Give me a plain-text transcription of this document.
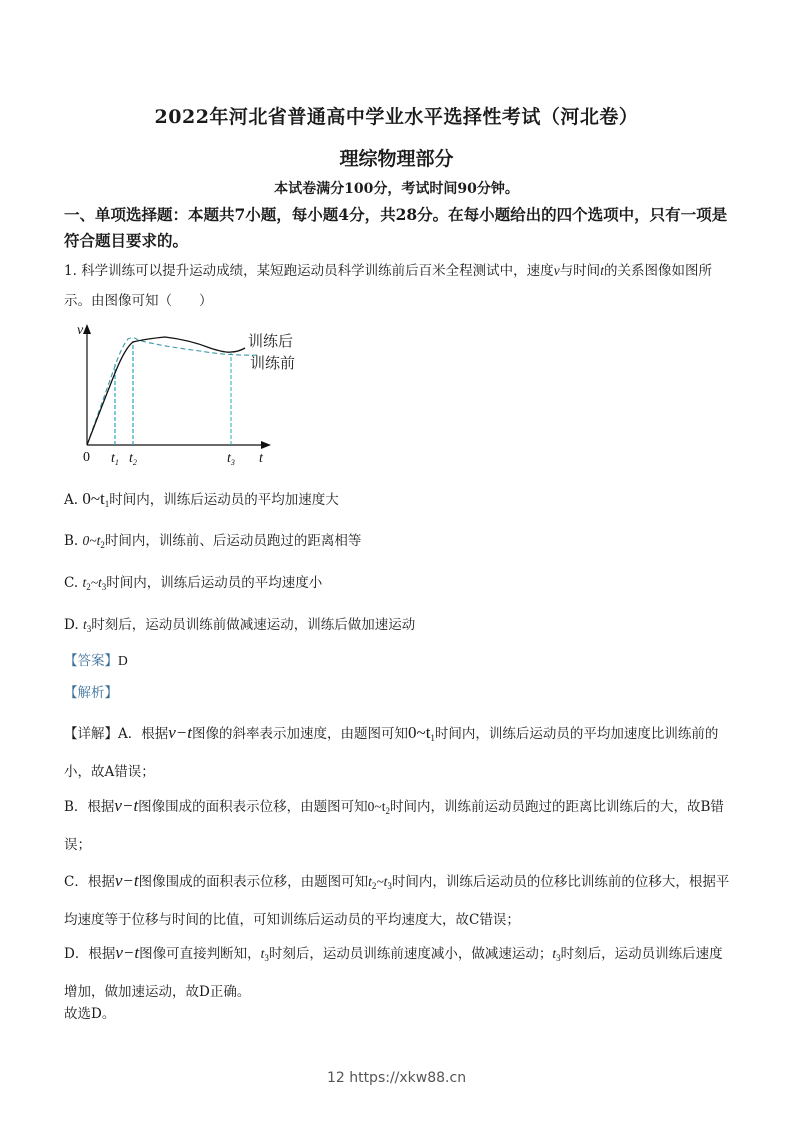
2022年河北省普通高中学业水平选择性考试（河北卷）
理综物理部分
本试卷满分100分，考试时间90分钟。
一、单项选择题：本题共7小题，每小题4分，共28分。在每小题给出的四个选项中，只有一项是符合题目要求的。
1. 科学训练可以提升运动成绩，某短跑运动员科学训练前后百米全程测试中，速度v与时间t的关系图像如图所示。由图像可知（　　）
v
0 $t_1$ $t_2$	$t_3$ t
训练后
训练前
A. $0\sim t_1$时间内，训练后运动员的平均加速度大
B. $0\sim t_2$时间内，训练前、后运动员跑过的距离相等
C. $t_2\sim t_3$时间内，训练后运动员的平均速度小
D. $t_3$时刻后，运动员训练前做减速运动，训练后做加速运动
【答案】D
【解析】
【详解】A．根据v−t图像的斜率表示加速度，由题图可知$0\sim t_1$时间内，训练后运动员的平均加速度比训练前的小，故A错误；
B．根据v−t图像围成的面积表示位移，由题图可知$0\sim t_2$时间内，训练前运动员跑过的距离比训练后的大，故B错误；
C．根据v−t图像围成的面积表示位移，由题图可知$t_2\sim t_3$时间内，训练后运动员的位移比训练前的位移大，根据平均速度等于位移与时间的比值，可知训练后运动员的平均速度大，故C错误；
D．根据v−t图像可直接判断知，$t_3$时刻后，运动员训练前速度减小，做减速运动；$t_3$时刻后，运动员训练后速度增加，做加速运动，故D正确。
故选D。
12 https://xkw88.cn
